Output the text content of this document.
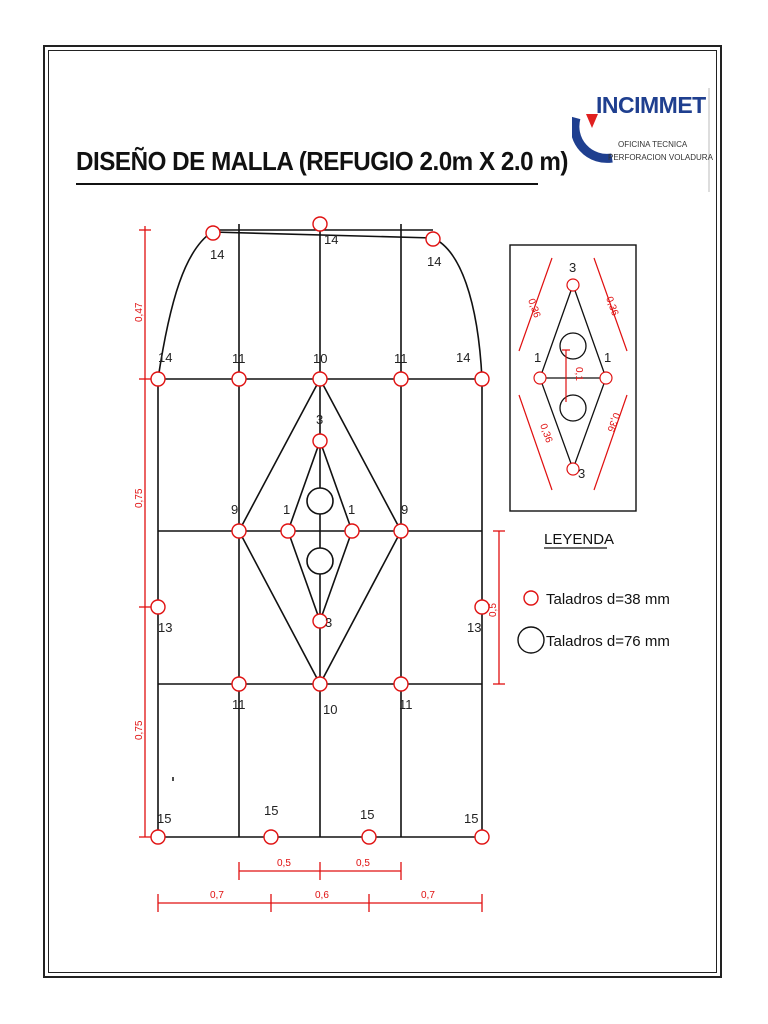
DISEÑO DE MALLA (REFUGIO 2.0m X 2.0 m)
INCIMMET
OFICINA TECNICA
PERFORACION VOLADURA
14
14
14
14	14
11	10	11
3
1	1
3
9	9
13	13
11	10	11
15
15	15	15
0,47
0,75
0,75
0,5
0,5	0,5
0,7	0,6	0,7
3
1	1
3
0,36	0,36
0,36
0,36
0,1
LEYENDA
Taladros d=38 mm
Taladros d=76 mm
